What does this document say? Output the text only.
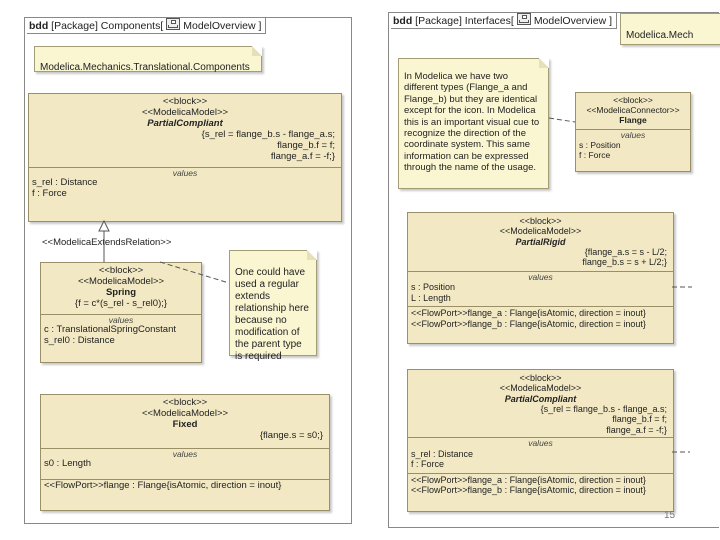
bdd [Package] Components[ ModelOverview ]
Modelica.Mechanics.Translational.Components
<<block>>
<<ModelicaModel>>
PartialCompliant
{s_rel = flange_b.s - flange_a.s;
flange_b.f = f;
flange_a.f = -f;}
values
s_rel : Distance
f : Force
<<ModelicaExtendsRelation>>
<<block>>
<<ModelicaModel>>
Spring
{f = c*(s_rel - s_rel0);}
values
c : TranslationalSpringConstant
s_rel0 : Distance
One could have used a regular extends relationship here because no modification of the parent type is required
<<block>>
<<ModelicaModel>>
Fixed
{flange.s = s0;}
values
s0 : Length
<<FlowPort>>flange : Flange{isAtomic, direction = inout}
bdd [Package] Interfaces[ ModelOverview ]
Modelica.Mech
In Modelica we have two different types (Flange_a and Flange_b) but they are identical except for the icon. In Modelica this is an important visual cue to recognize the direction of the coordinate system. This same information can be expressed through the name of the usage.
<<block>>
<<ModelicaConnector>>
Flange
values
s : Position
f : Force
<<block>>
<<ModelicaModel>>
PartialRigid
{flange_a.s = s - L/2;
flange_b.s = s + L/2;}
values
s : Position
L : Length
<<FlowPort>>flange_a : Flange{isAtomic, direction = inout}
<<FlowPort>>flange_b : Flange{isAtomic, direction = inout}
<<block>>
<<ModelicaModel>>
PartialCompliant
{s_rel = flange_b.s - flange_a.s;
flange_b.f = f;
flange_a.f = -f;}
values
s_rel : Distance
f : Force
<<FlowPort>>flange_a : Flange{isAtomic, direction = inout}
<<FlowPort>>flange_b : Flange{isAtomic, direction = inout}
15
